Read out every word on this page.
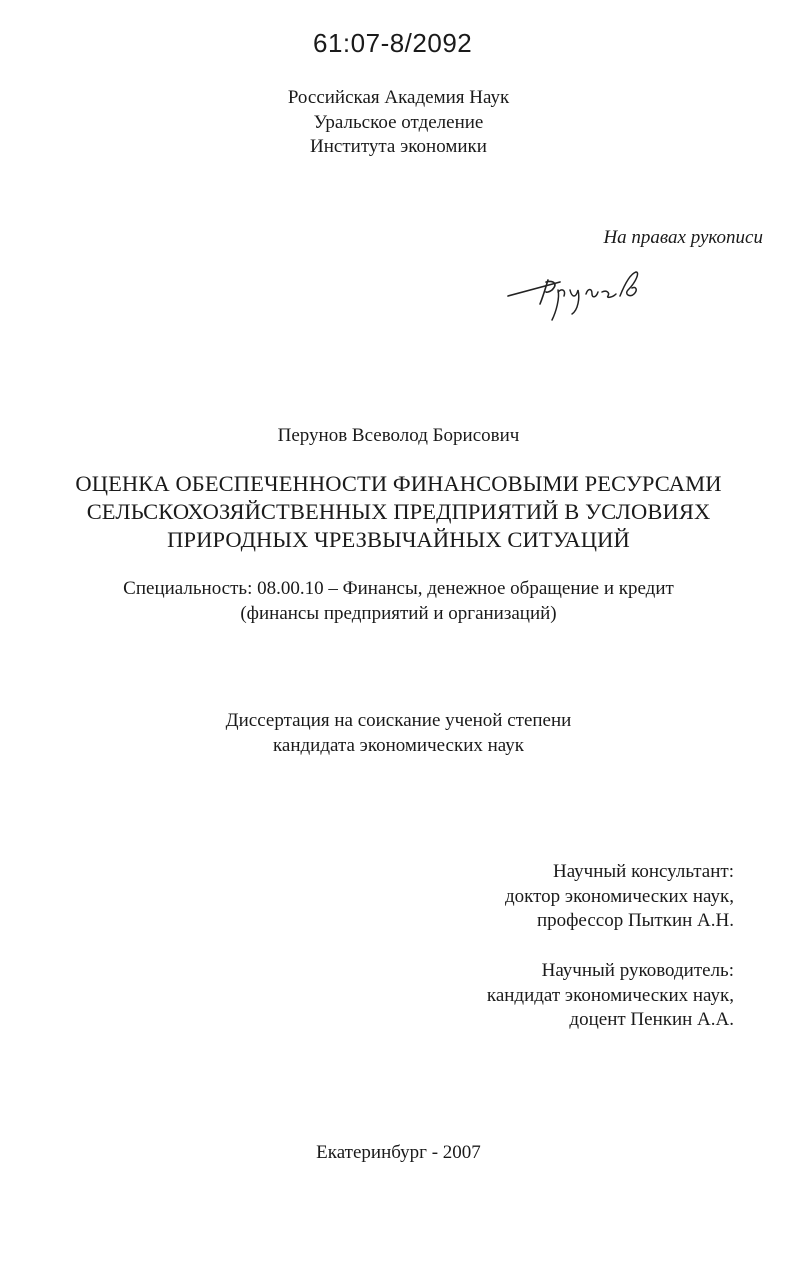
61:07-8/2092
Российская Академия Наук
Уральское отделение
Института экономики
На правах рукописи
Перунов Всеволод Борисович
ОЦЕНКА ОБЕСПЕЧЕННОСТИ ФИНАНСОВЫМИ РЕСУРСАМИ
СЕЛЬСКОХОЗЯЙСТВЕННЫХ ПРЕДПРИЯТИЙ В УСЛОВИЯХ
ПРИРОДНЫХ ЧРЕЗВЫЧАЙНЫХ СИТУАЦИЙ
Специальность: 08.00.10 – Финансы, денежное обращение и кредит
(финансы предприятий и организаций)
Диссертация на соискание ученой степени
кандидата экономических наук
Научный консультант:
доктор экономических наук,
профессор Пыткин А.Н.
Научный руководитель:
кандидат экономических наук,
доцент Пенкин А.А.
Екатеринбург - 2007
